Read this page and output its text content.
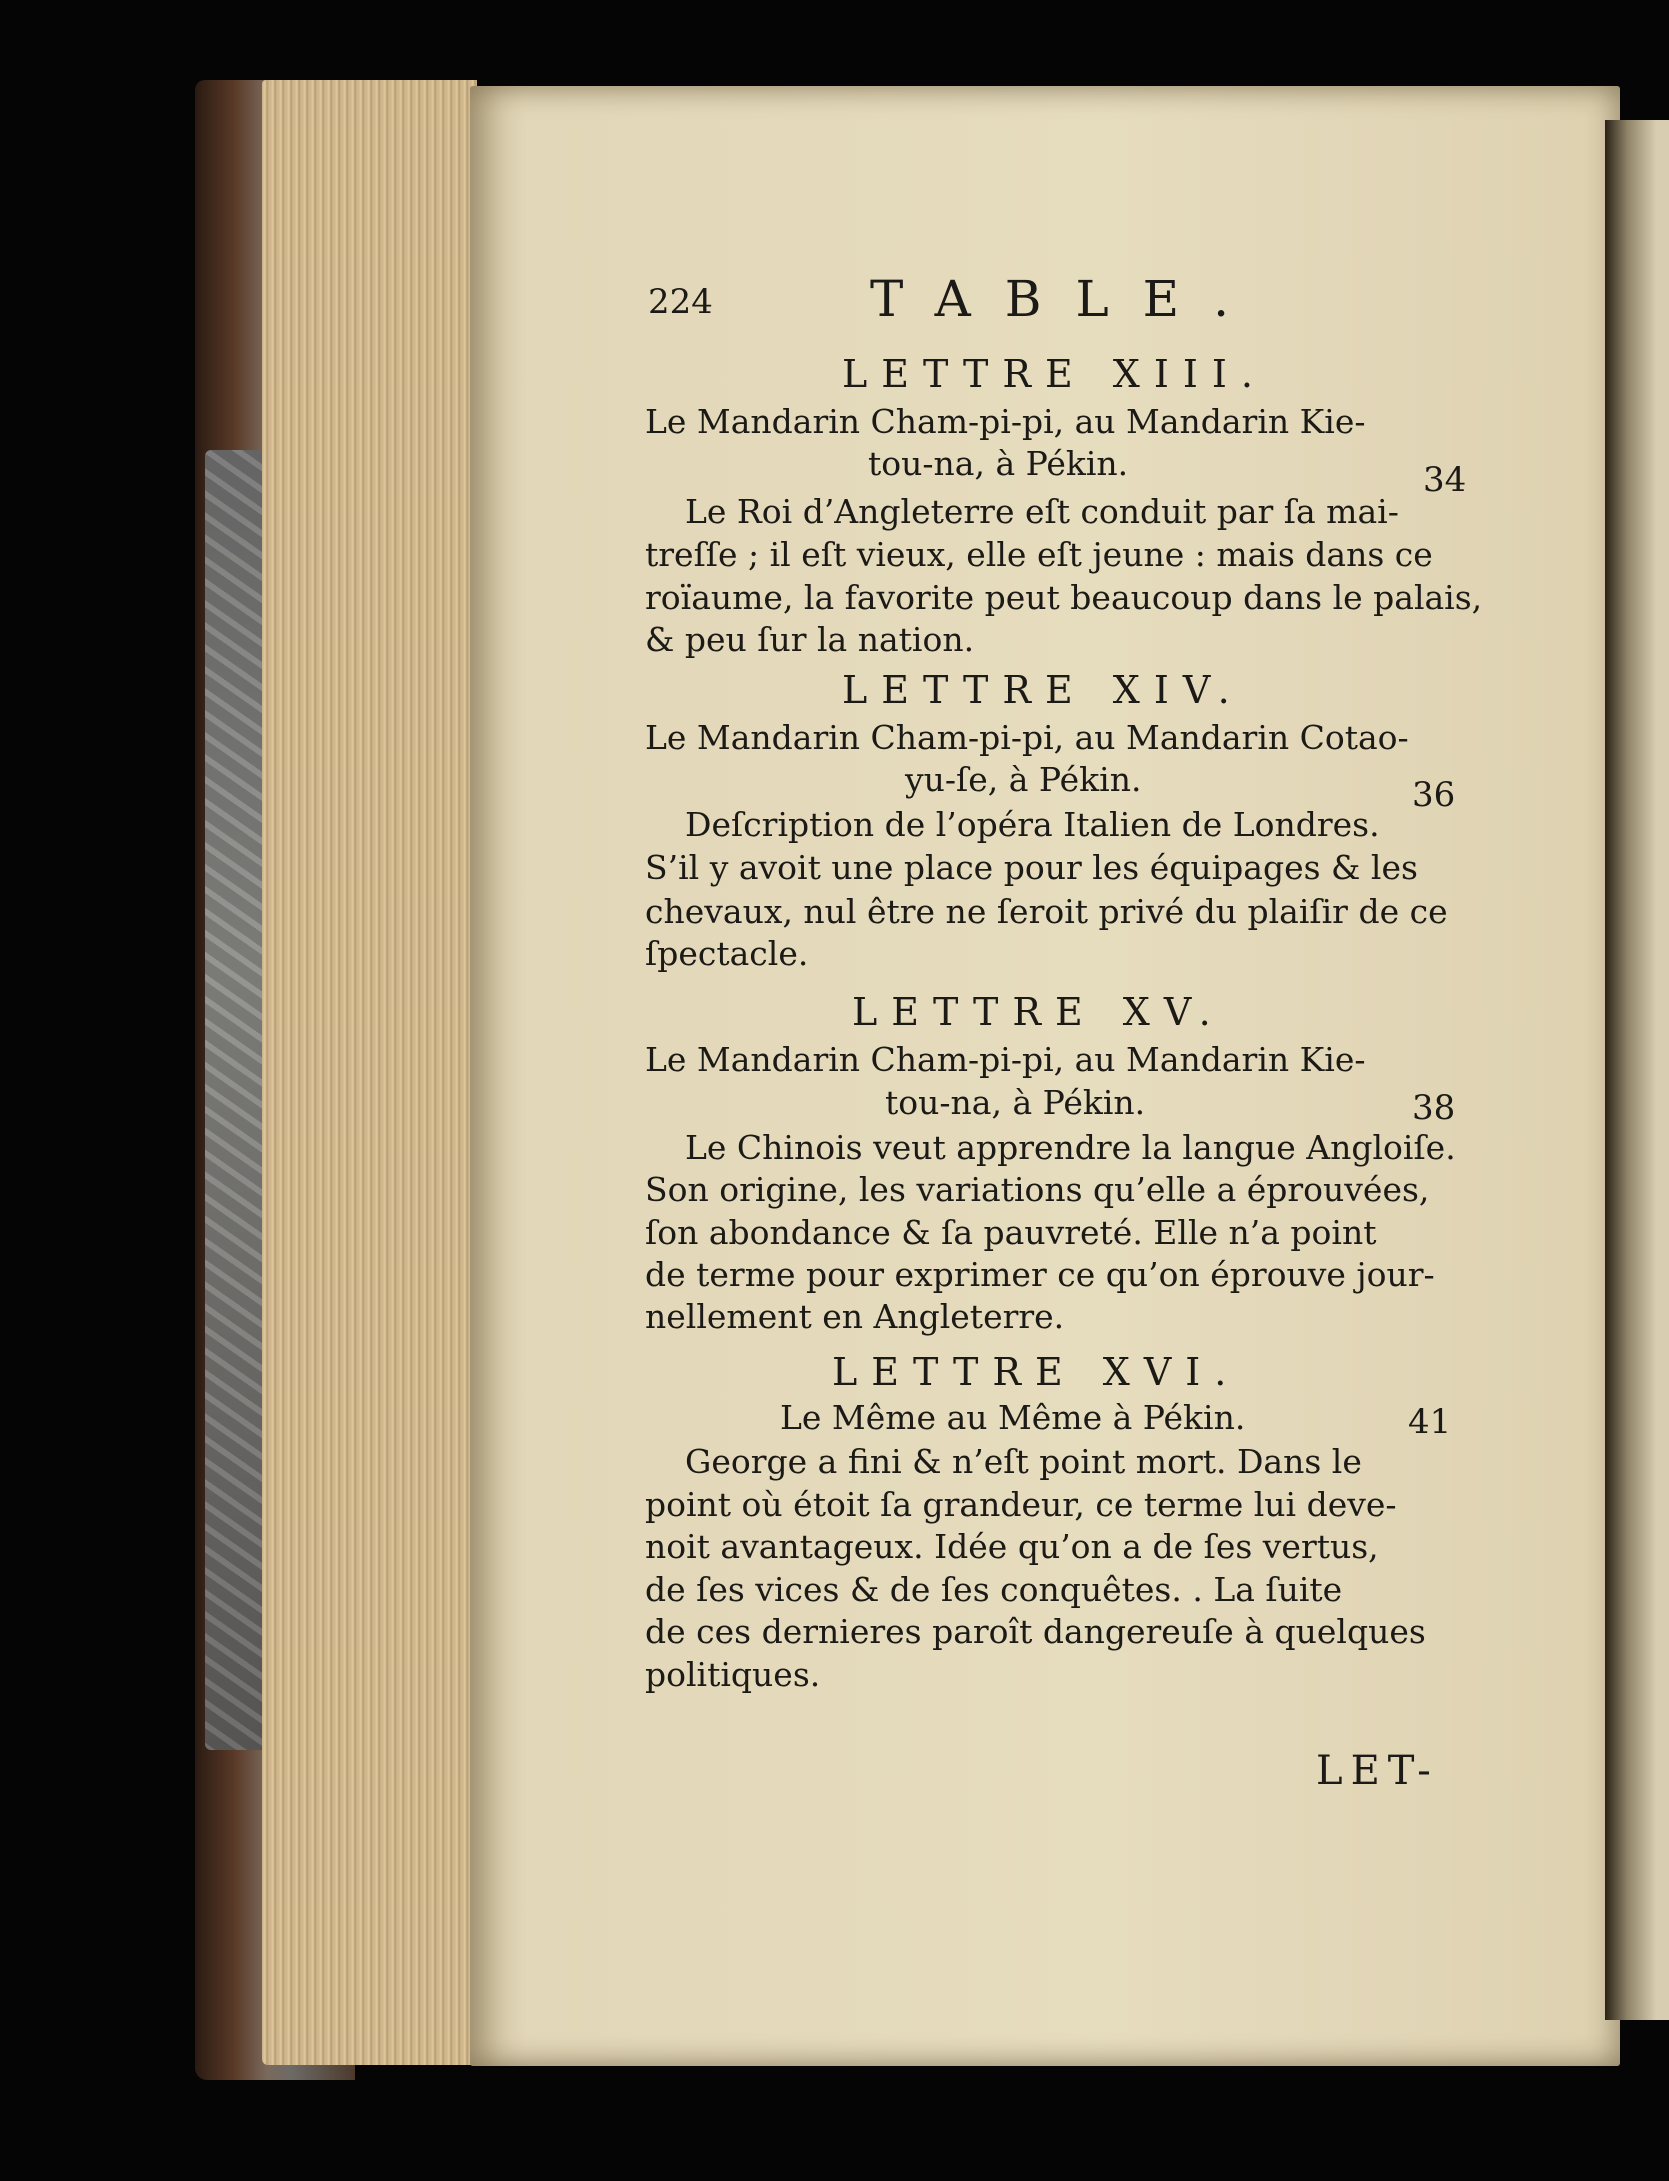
224	TABLE.
LETTRE XIII.
Le Mandarin Cham-pi-pi, au Mandarin Kie-
tou-na, à Pékin.	34
Le Roi d’Angleterre eſt conduit par ſa mai-
treſſe ; il eſt vieux, elle eſt jeune : mais dans ce
roïaume, la favorite peut beaucoup dans le palais,
& peu ſur la nation.
LETTRE XIV.
Le Mandarin Cham-pi-pi, au Mandarin Cotao-
yu-ſe, à Pékin.	36
Deſcription de l’opéra Italien de Londres.
S’il y avoit une place pour les équipages & les
chevaux, nul être ne ſeroit privé du plaiſir de ce
ſpectacle.
LETTRE XV.
Le Mandarin Cham-pi-pi, au Mandarin Kie-
tou-na, à Pékin.	38
Le Chinois veut apprendre la langue Angloiſe.
Son origine, les variations qu’elle a éprouvées,
ſon abondance & ſa pauvreté. Elle n’a point
de terme pour exprimer ce qu’on éprouve jour-
nellement en Angleterre.
LETTRE XVI.
Le Même au Même à Pékin.	41
George a fini & n’eſt point mort. Dans le
point où étoit ſa grandeur, ce terme lui deve-
noit avantageux. Idée qu’on a de ſes vertus,
de ſes vices & de ſes conquêtes. . La ſuite
de ces dernieres paroît dangereuſe à quelques
politiques.
LET-
